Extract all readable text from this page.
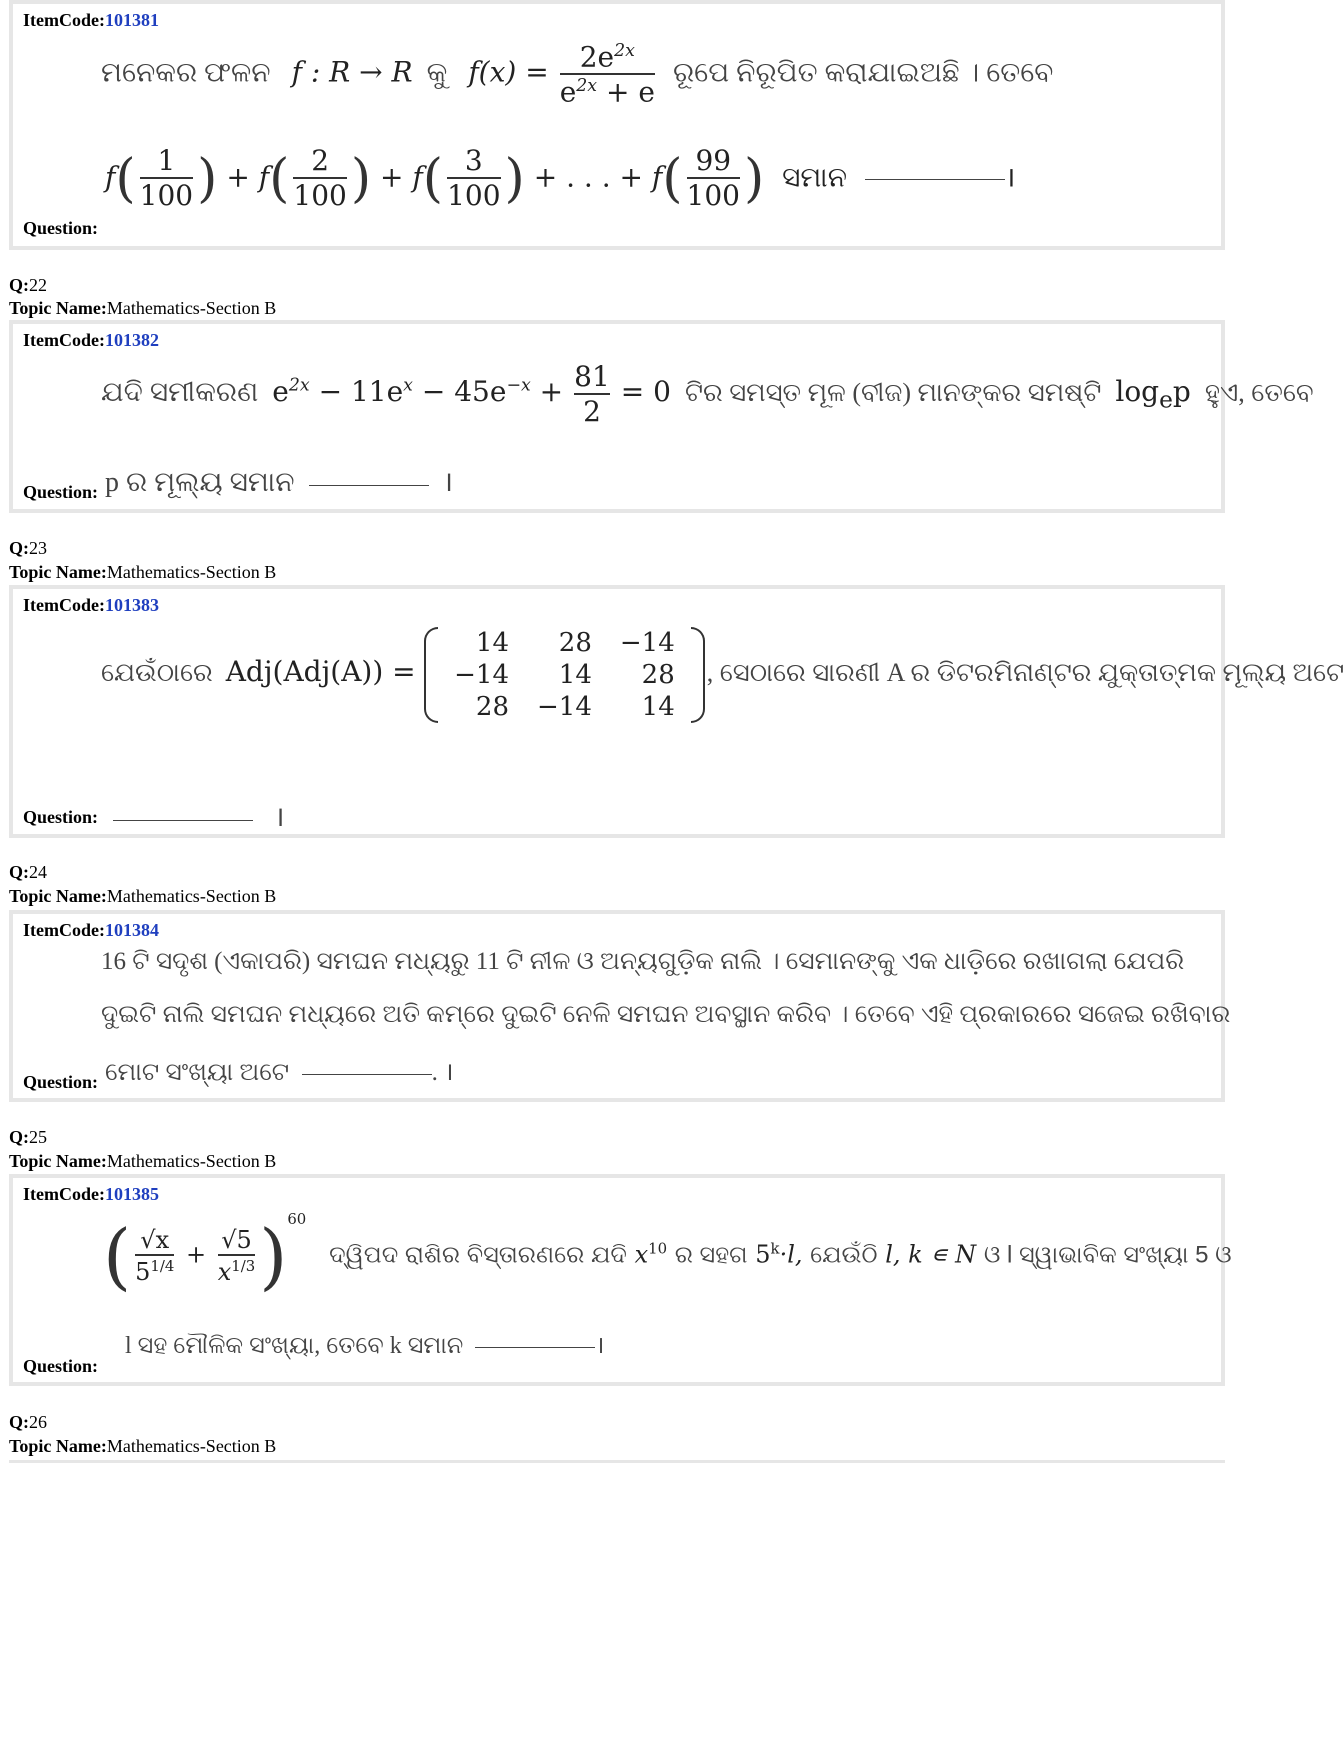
ItemCode:101381
ମନେକର ଫଳନ f : R → R କୁ $f(x) = \frac{2e^{2x}}{e^{2x} + e}$ ରୂପେ ନିରୂପିତ କରାଯାଇଅଛି । ତେବେ
$f( \frac{1}{100}$ ) + $f( \frac{2}{100}$ ) + $f( \frac{3}{100}$ ) + . . . + $f( \frac{99}{100}$ ) ସମାନ	।
Question:
Q:22
Topic Name:Mathematics-Section B
ItemCode:101382
ଯଦି ସମୀକରଣ $e^{2x} - 11e^x - 45e^{-x} + \frac{81}{2} = 0$ ଟିର ସମସ୍ତ ମୂଳ (ବୀଜ) ମାନଙ୍କର ସମଷ୍ଟି $\log_ep$ ହୁଏ, ତେବେ
p ର ମୂଲ୍ୟ ସମାନ	।
Question:
Q:23
Topic Name:Mathematics-Section B
ItemCode:101383
ଯେଉଁଠାରେ Adj(Adj(A)) =
14	28	−14
−14	14	28
28	−14	14
, ସେଠାରେ ସାରଣୀ A ର ଡିଟରମିନାଣ୍ଟର ଯୁକ୍ତାତ୍ମକ ମୂଲ୍ୟ ଅଟେ
।
Question:
Q:24
Topic Name:Mathematics-Section B
ItemCode:101384
16 ଟି ସଦୃଶ (ଏକାପରି) ସମଘନ ମଧ୍ୟରୁ 11 ଟି ନୀଳ ଓ ଅନ୍ୟଗୁଡ଼ିକ ନାଲି । ସେମାନଙ୍କୁ ଏକ ଧାଡ଼ିରେ ରଖାଗଲା ଯେପରି
ଦୁଇଟି ନାଲି ସମଘନ ମଧ୍ୟରେ ଅତି କମ୍‌ରେ ଦୁଇଟି ନେଳି ସମଘନ ଅବସ୍ଥାନ କରିବ । ତେବେ ଏହି ପ୍ରକାରରେ ସଜେଇ ରଖିବାର
ମୋଟ ସଂଖ୍ୟା ଅଟେ	. ।
Question:
Q:25
Topic Name:Mathematics-Section B
ItemCode:101385
( $\frac{√x}{5^{1/4}} + \frac{√5}{x^{1/3}} )^{60}$   ଦ୍ୱିପଦ ରାଶିର ବିସ୍ତାରଣରେ ଯଦି $x^{10}$ ର ସହଗ $5^k\cdot l$, ଯେଉଁଠି l, k ∊ N ଓ l ସ୍ୱାଭାବିକ ସଂଖ୍ୟା 5 ଓ
l ସହ ମୌଳିକ ସଂଖ୍ୟା, ତେବେ k ସମାନ	।
Question:
Q:26
Topic Name:Mathematics-Section B
